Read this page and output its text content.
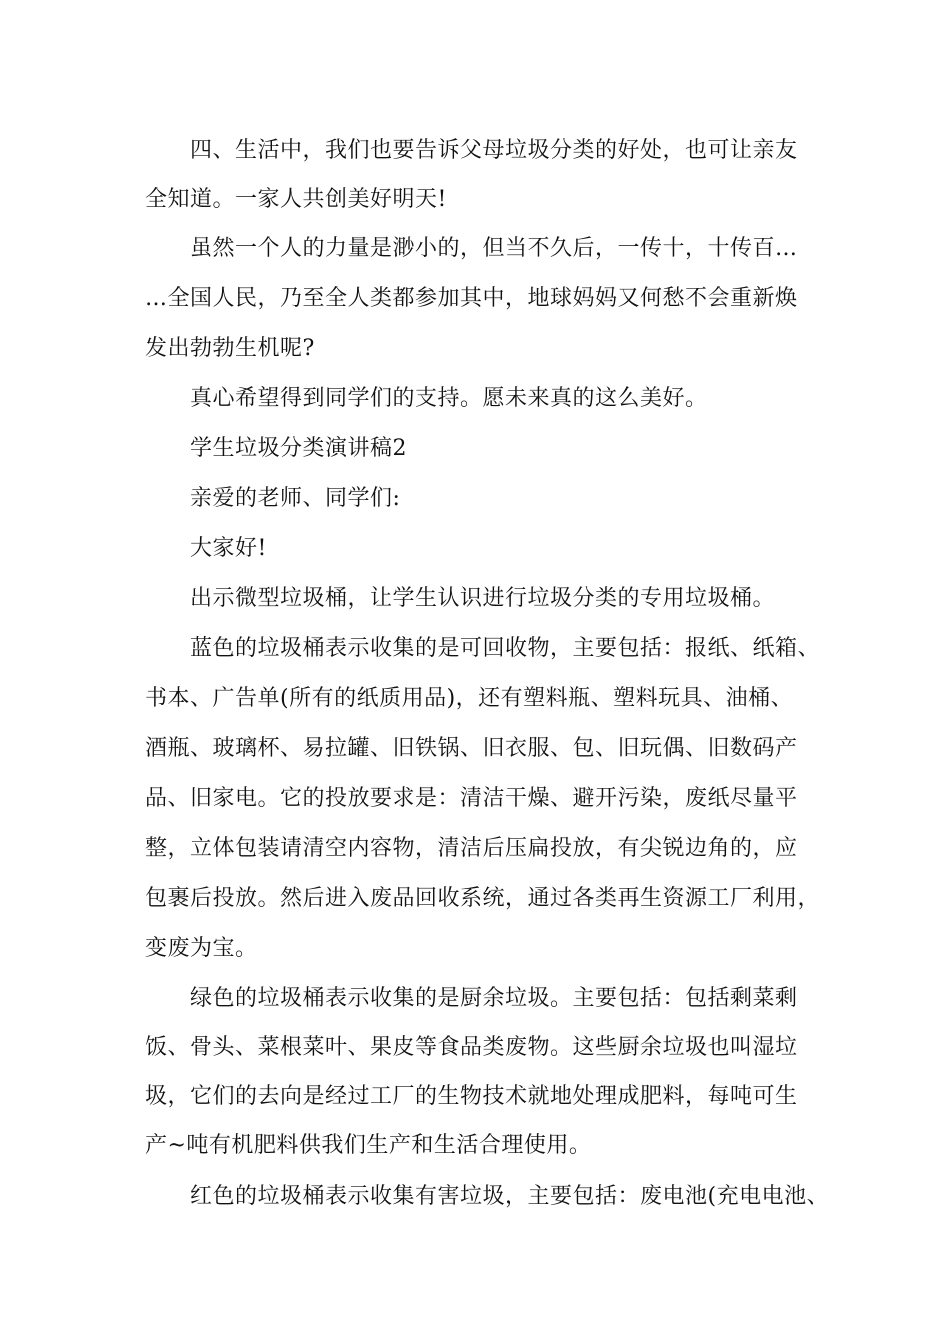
四、生活中，我们也要告诉父母垃圾分类的好处，也可让亲友
全知道。一家人共创美好明天!
虽然一个人的力量是渺小的，但当不久后，一传十，十传百…
…全国人民，乃至全人类都参加其中，地球妈妈又何愁不会重新焕
发出勃勃生机呢?
真心希望得到同学们的支持。愿未来真的这么美好。
学生垃圾分类演讲稿2
亲爱的老师、同学们:
大家好!
出示微型垃圾桶，让学生认识进行垃圾分类的专用垃圾桶。
蓝色的垃圾桶表示收集的是可回收物，主要包括：报纸、纸箱、
书本、广告单(所有的纸质用品)，还有塑料瓶、塑料玩具、油桶、
酒瓶、玻璃杯、易拉罐、旧铁锅、旧衣服、包、旧玩偶、旧数码产
品、旧家电。它的投放要求是：清洁干燥、避开污染，废纸尽量平
整，立体包装请清空内容物，清洁后压扁投放，有尖锐边角的，应
包裹后投放。然后进入废品回收系统，通过各类再生资源工厂利用，
变废为宝。
绿色的垃圾桶表示收集的是厨余垃圾。主要包括：包括剩菜剩
饭、骨头、菜根菜叶、果皮等食品类废物。这些厨余垃圾也叫湿垃
圾，它们的去向是经过工厂的生物技术就地处理成肥料，每吨可生
产~吨有机肥料供我们生产和生活合理使用。
红色的垃圾桶表示收集有害垃圾，主要包括：废电池(充电电池、
